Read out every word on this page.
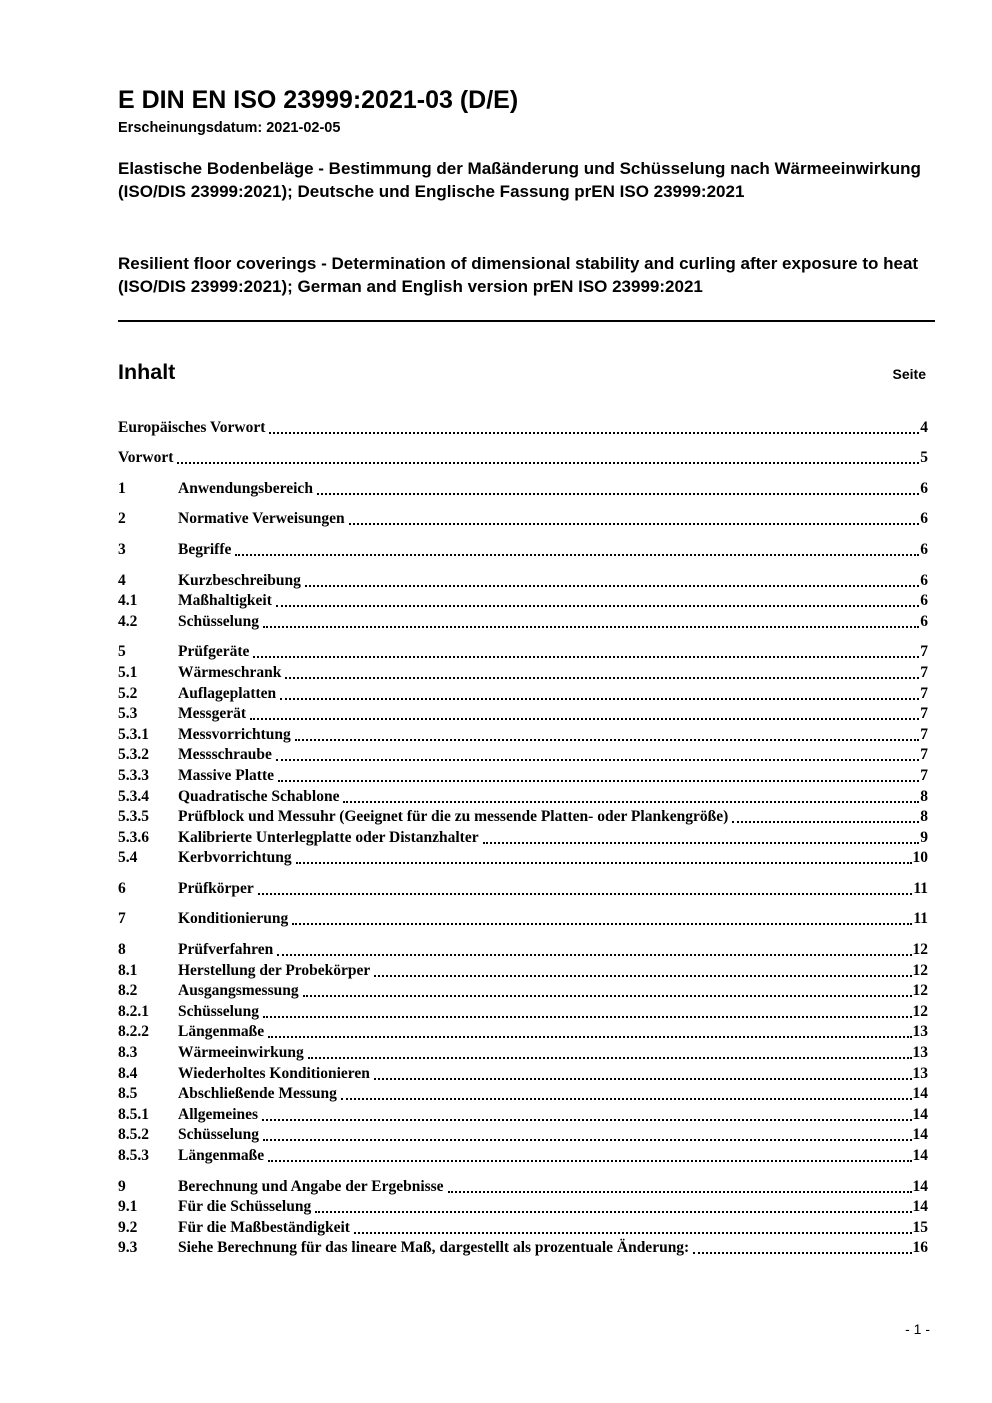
E DIN EN ISO 23999:2021-03 (D/E)
Erscheinungsdatum: 2021-02-05
Elastische Bodenbeläge - Bestimmung der Maßänderung und Schüsselung nach Wärmeeinwirkung (ISO/DIS 23999:2021); Deutsche und Englische Fassung prEN ISO 23999:2021
Resilient floor coverings - Determination of dimensional stability and curling after exposure to heat (ISO/DIS 23999:2021); German and English version prEN ISO 23999:2021
Inhalt	Seite
Europäisches Vorwort	4
Vorwort	5
1	Anwendungsbereich	6
2	Normative Verweisungen	6
3	Begriffe	6
4	Kurzbeschreibung	6
4.1	Maßhaltigkeit	6
4.2	Schüsselung	6
5	Prüfgeräte	7
5.1	Wärmeschrank	7
5.2	Auflageplatten	7
5.3	Messgerät	7
5.3.1	Messvorrichtung	7
5.3.2	Messschraube	7
5.3.3	Massive Platte	7
5.3.4	Quadratische Schablone	8
5.3.5	Prüfblock und Messuhr (Geeignet für die zu messende Platten- oder Plankengröße)	8
5.3.6	Kalibrierte Unterlegplatte oder Distanzhalter	9
5.4	Kerbvorrichtung	10
6	Prüfkörper	11
7	Konditionierung	11
8	Prüfverfahren	12
8.1	Herstellung der Probekörper	12
8.2	Ausgangsmessung	12
8.2.1	Schüsselung	12
8.2.2	Längenmaße	13
8.3	Wärmeeinwirkung	13
8.4	Wiederholtes Konditionieren	13
8.5	Abschließende Messung	14
8.5.1	Allgemeines	14
8.5.2	Schüsselung	14
8.5.3	Längenmaße	14
9	Berechnung und Angabe der Ergebnisse	14
9.1	Für die Schüsselung	14
9.2	Für die Maßbeständigkeit	15
9.3	Siehe Berechnung für das lineare Maß, dargestellt als prozentuale Änderung:	16
- 1 -
